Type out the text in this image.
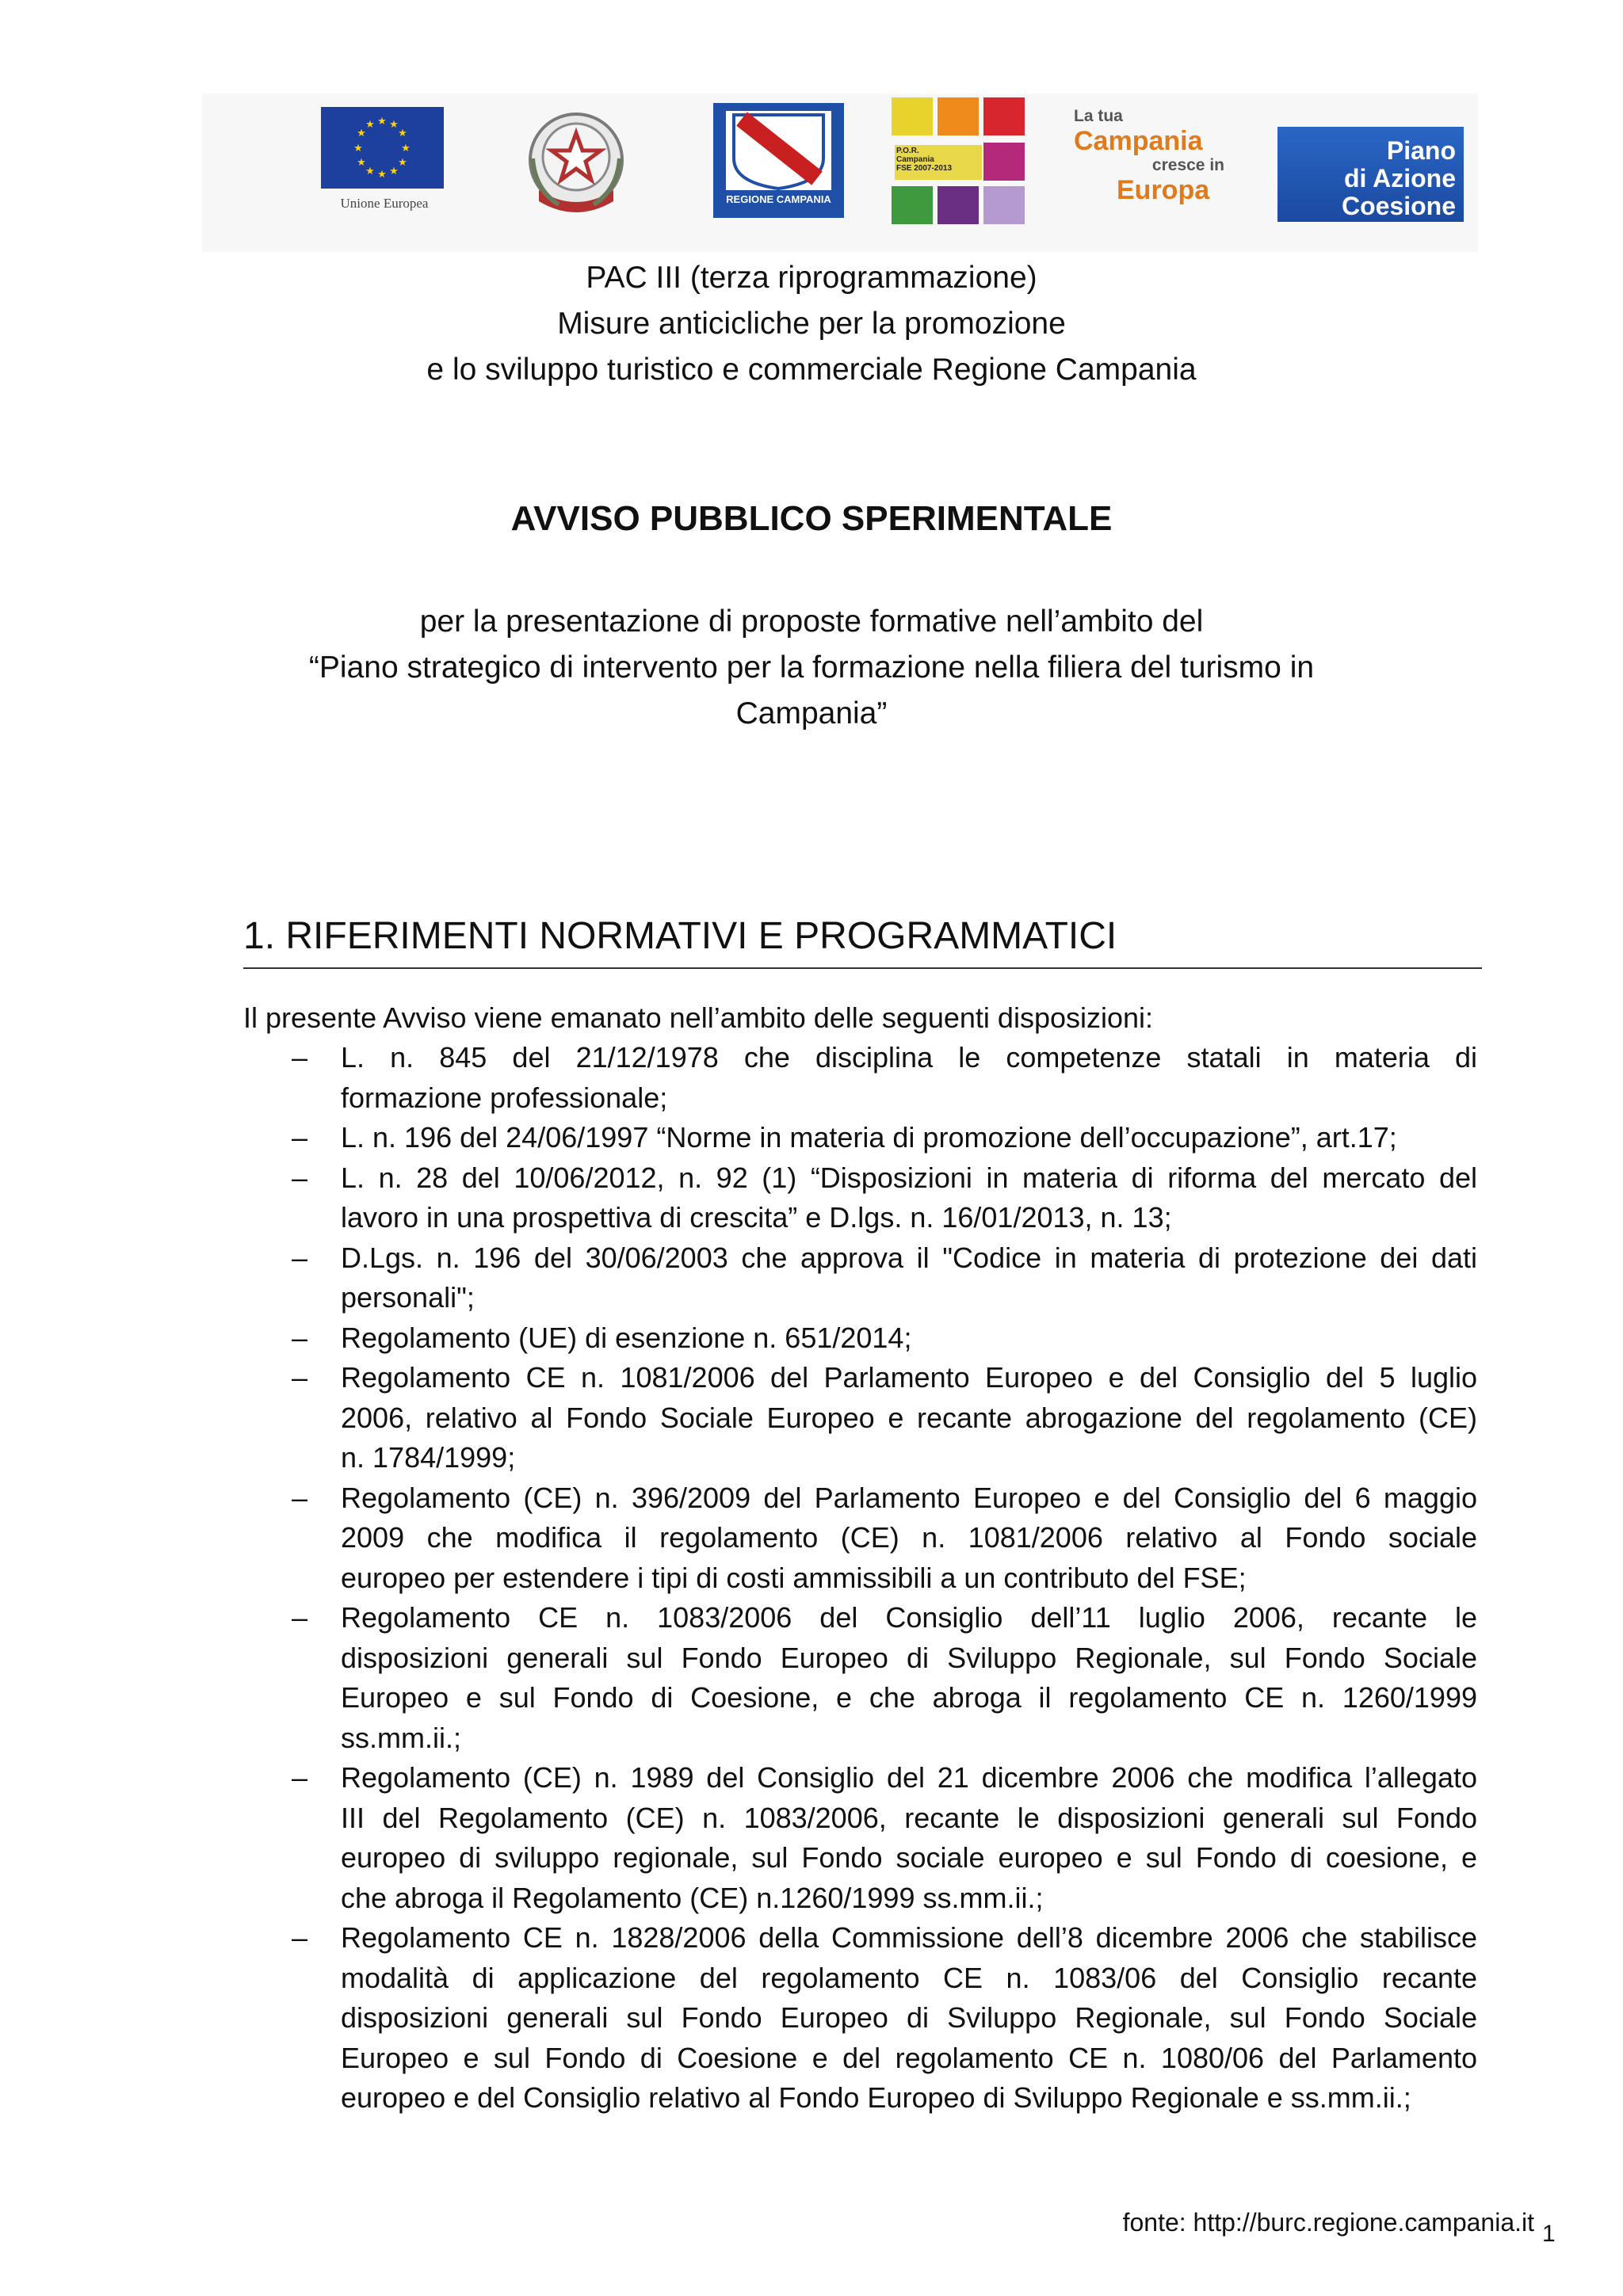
★ ★
★
★
★
★
★
★
★
★
★
★
Unione Europea	REGIONE CAMPANIA
P.O.R.
Campania
FSE 2007-2013
La tua
Campania
cresce in
Europa
Piano
di Azione
Coesione
PAC III (terza riprogrammazione)
Misure anticicliche per la promozione
e lo sviluppo turistico e commerciale Regione Campania
AVVISO PUBBLICO SPERIMENTALE
per la presentazione di proposte formative nell’ambito del
“Piano strategico di intervento per la formazione nella filiera del turismo in
Campania”
1. RIFERIMENTI NORMATIVI E PROGRAMMATICI
Il presente Avviso viene emanato nell’ambito delle seguenti disposizioni:
– L. n. 845 del 21/12/1978 che disciplina le competenze statali in materia di
formazione professionale;
– L. n. 196 del 24/06/1997 “Norme in materia di promozione dell’occupazione”, art.17;
– L. n. 28 del 10/06/2012, n. 92 (1) “Disposizioni in materia di riforma del mercato del
lavoro in una prospettiva di crescita” e D.lgs. n. 16/01/2013, n. 13;
– D.Lgs. n. 196 del 30/06/2003 che approva il "Codice in materia di protezione dei dati
personali";
– Regolamento (UE) di esenzione n. 651/2014;
– Regolamento CE n. 1081/2006 del Parlamento Europeo e del Consiglio del 5 luglio
2006, relativo al Fondo Sociale Europeo e recante abrogazione del regolamento (CE)
n. 1784/1999;
– Regolamento (CE) n. 396/2009 del Parlamento Europeo e del Consiglio del 6 maggio
2009 che modifica il regolamento (CE) n. 1081/2006 relativo al Fondo sociale
europeo per estendere i tipi di costi ammissibili a un contributo del FSE;
– Regolamento CE n. 1083/2006 del Consiglio dell’11 luglio 2006, recante le
disposizioni generali sul Fondo Europeo di Sviluppo Regionale, sul Fondo Sociale
Europeo e sul Fondo di Coesione, e che abroga il regolamento CE n. 1260/1999
ss.mm.ii.;
– Regolamento (CE) n. 1989 del Consiglio del 21 dicembre 2006 che modifica l’allegato
III del Regolamento (CE) n. 1083/2006, recante le disposizioni generali sul Fondo
europeo di sviluppo regionale, sul Fondo sociale europeo e sul Fondo di coesione, e
che abroga il Regolamento (CE) n.1260/1999 ss.mm.ii.;
– Regolamento CE n. 1828/2006 della Commissione dell’8 dicembre 2006 che stabilisce
modalità di applicazione del regolamento CE n. 1083/06 del Consiglio recante
disposizioni generali sul Fondo Europeo di Sviluppo Regionale, sul Fondo Sociale
Europeo e sul Fondo di Coesione e del regolamento CE n. 1080/06 del Parlamento
europeo e del Consiglio relativo al Fondo Europeo di Sviluppo Regionale e ss.mm.ii.;
fonte: http://burc.regione.campania.it 1
